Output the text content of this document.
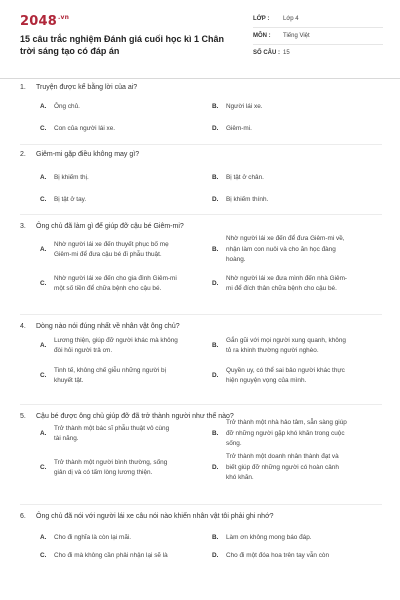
$2048^{.vn}$
15 câu trắc nghiệm Đánh giá cuối học kì 1 Chân trời sáng tạo có đáp án
LỚP :	Lớp 4
MÔN :	Tiếng Việt
SỐ CÂU : 15
1. Truyện được kể bằng lời của ai?
A. Ông chủ.	B. Người lái xe.
C. Con của người lái xe.	D. Giêm-mi.
2. Giêm-mi gặp điều không may gì?
A. Bị khiếm thị.	B. Bị tật ở chân.
C. Bị tật ở tay.	D. Bị khiếm thính.
3. Ông chủ đã làm gì để giúp đỡ cậu bé Giêm-mi?
A.
Nhờ người lái xe đến thuyết phục bố mẹ
Giêm-mi để đưa cậu bé đi phẫu thuật.
B.
Nhờ người lái xe đến để đưa Giêm-mi về,
nhận làm con nuôi và cho ăn học đàng
hoàng.
C.
Nhờ người lái xe đến cho gia đình Giêm-mi
một số tiền để chữa bệnh cho cậu bé.
D.
Nhờ người lái xe đưa mình đến nhà Giêm-
mi để đích thân chữa bệnh cho cậu bé.
4. Dòng nào nói đúng nhất về nhân vật ông chủ?
A.
Lương thiện, giúp đỡ người khác mà không
đòi hỏi người trả ơn.
B.
Gắn gũi với mọi người xung quanh, không
tỏ ra khinh thường người nghèo.
C.
Tinh tế, không chế giễu những người bị
khuyết tật.
D.
Quyền uy, có thể sai bảo người khác thực
hiện nguyện vọng của mình.
5. Cậu bé được ông chủ giúp đỡ đã trở thành người như thế nào?
A.
Trở thành một bác sĩ phẫu thuật vô cùng
tài năng.
B.
Trở thành một nhà hảo tâm, sẵn sàng giúp
đỡ những người gặp khó khăn trong cuộc
sống.
C.
Trở thành một người bình thường, sống
giản dị và có tấm lòng lương thiện.
D.
Trở thành một doanh nhân thành đạt và
biết giúp đỡ những người có hoàn cảnh
khó khăn.
6. Ông chủ đã nói với người lái xe câu nói nào khiến nhân vật tôi phải ghi nhớ?
A. Cho đi nghĩa là còn lại mãi.	B. Làm ơn không mong báo đáp.
C. Cho đi mà không cần phải nhận lại sẽ là	D. Cho đi một đóa hoa trên tay vẫn còn
